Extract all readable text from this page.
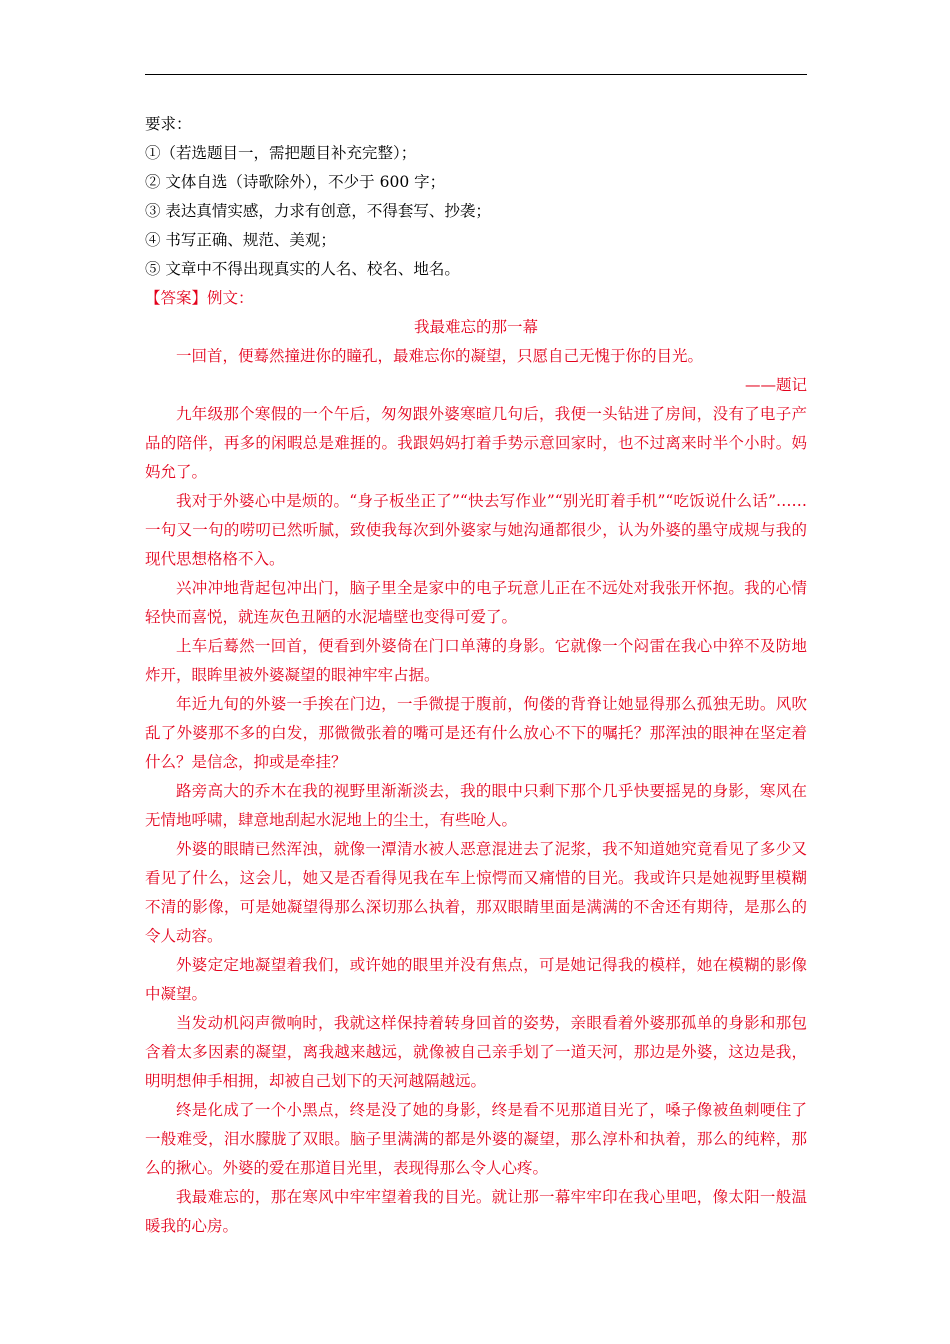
要求：
①（若选题目一，需把题目补充完整）；
② 文体自选（诗歌除外），不少于 600 字；
③ 表达真情实感，力求有创意，不得套写、抄袭；
④ 书写正确、规范、美观；
⑤ 文章中不得出现真实的人名、校名、地名。
【答案】例文：
我最难忘的那一幕
一回首，便蓦然撞进你的瞳孔，最难忘你的凝望，只愿自己无愧于你的目光。
——题记
九年级那个寒假的一个午后，匆匆跟外婆寒暄几句后，我便一头钻进了房间，没有了电子产品的陪伴，再多的闲暇总是难捱的。我跟妈妈打着手势示意回家时，也不过离来时半个小时。妈妈允了。
我对于外婆心中是烦的。“身子板坐正了”“快去写作业”“别光盯着手机”“吃饭说什么话”……一句又一句的唠叨已然听腻，致使我每次到外婆家与她沟通都很少，认为外婆的墨守成规与我的现代思想格格不入。
兴冲冲地背起包冲出门，脑子里全是家中的电子玩意儿正在不远处对我张开怀抱。我的心情轻快而喜悦，就连灰色丑陋的水泥墙壁也变得可爱了。
上车后蓦然一回首，便看到外婆倚在门口单薄的身影。它就像一个闷雷在我心中猝不及防地炸开，眼眸里被外婆凝望的眼神牢牢占据。
年近九旬的外婆一手挨在门边，一手微提于腹前，佝偻的背脊让她显得那么孤独无助。风吹乱了外婆那不多的白发，那微微张着的嘴可是还有什么放心不下的嘱托？那浑浊的眼神在坚定着什么？是信念，抑或是牵挂？
路旁高大的乔木在我的视野里渐渐淡去，我的眼中只剩下那个几乎快要摇晃的身影，寒风在无情地呼啸，肆意地刮起水泥地上的尘土，有些呛人。
外婆的眼睛已然浑浊，就像一潭清水被人恶意混进去了泥浆，我不知道她究竟看见了多少又看见了什么，这会儿，她又是否看得见我在车上惊愕而又痛惜的目光。我或许只是她视野里模糊不清的影像，可是她凝望得那么深切那么执着，那双眼睛里面是满满的不舍还有期待，是那么的令人动容。
外婆定定地凝望着我们，或许她的眼里并没有焦点，可是她记得我的模样，她在模糊的影像中凝望。
当发动机闷声微响时，我就这样保持着转身回首的姿势，亲眼看着外婆那孤单的身影和那包含着太多因素的凝望，离我越来越远，就像被自己亲手划了一道天河，那边是外婆，这边是我，明明想伸手相拥，却被自己划下的天河越隔越远。
终是化成了一个小黑点，终是没了她的身影，终是看不见那道目光了，嗓子像被鱼刺哽住了一般难受，泪水朦胧了双眼。脑子里满满的都是外婆的凝望，那么淳朴和执着，那么的纯粹，那么的揪心。外婆的爱在那道目光里，表现得那么令人心疼。
我最难忘的，那在寒风中牢牢望着我的目光。就让那一幕牢牢印在我心里吧，像太阳一般温暖我的心房。
